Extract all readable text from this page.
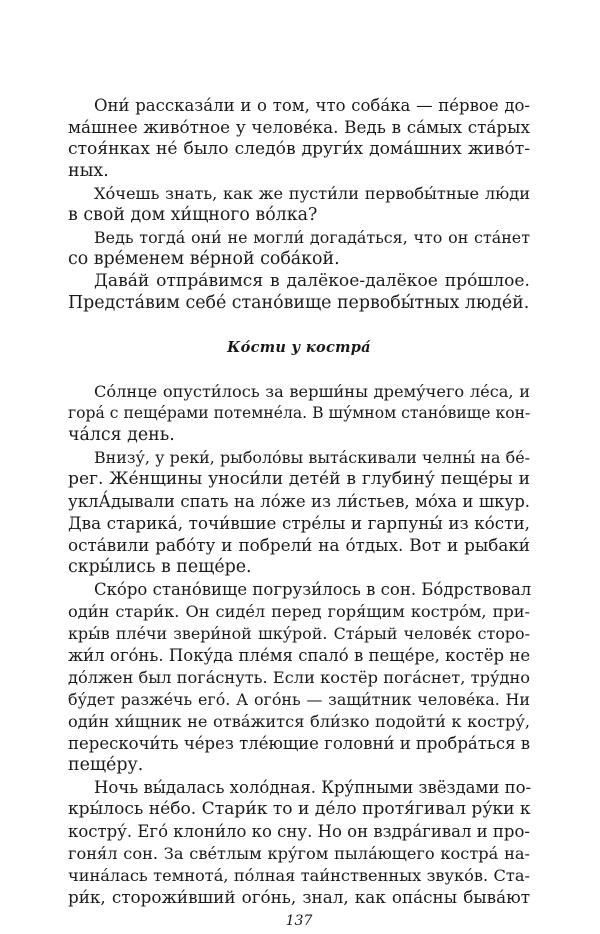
Они́ рассказа́ли и о том, что соба́ка — пе́рвое до-

ма́шнее живо́тное у челове́ка. Ведь в са́мых ста́рых

стоя́нках не́ было следо́в други́х дома́шних живо́т-

ных.

Хо́чешь знать, как же пусти́ли первобы́тные лю́ди

в свой дом хи́щного во́лка?

Ведь тогда́ они́ не могли́ догада́ться, что он ста́нет

со вре́менем ве́рной соба́кой.

Дава́й отпра́вимся в далёкое-далёкое про́шлое.

Предста́вим себе́ стано́вище первобы́тных люде́й.

Ко́сти у костра́

Со́лнце опусти́лось за верши́ны дрему́чего ле́са, и

гора́ с пеще́рами потемне́ла. В шу́мном стано́вище кон-

ча́лся день.

Внизу́, у реки́, рыболо́вы выта́скивали челны́ на бе́-

рег. Же́нщины уноси́ли дете́й в глубину́ пеще́ры и

уклА́дывали спать на ло́же из ли́стьев, мо́ха и шкур.

Два старика́, точи́вшие стре́лы и гарпуны́ из ко́сти,

оста́вили рабо́ту и побрели́ на о́тдых. Вот и рыбаки́

скры́лись в пеще́ре.

Ско́ро стано́вище погрузи́лось в сон. Бо́дрствовал

оди́н стари́к. Он сиде́л перед горя́щим костро́м, при-

кры́в пле́чи звери́ной шку́рой. Ста́рый челове́к сторо-

жи́л ого́нь. Поку́да пле́мя спало́ в пеще́ре, костёр не

до́лжен был пога́снуть. Если костёр пога́снет, тру́дно

бу́дет разже́чь его́. А ого́нь — защи́тник челове́ка. Ни

оди́н хи́щник не отва́жится бли́зко подойти́ к костру́,

перескочи́ть че́рез тле́ющие головни́ и пробра́ться в

пеще́ру.

Ночь вы́далась холо́дная. Кру́пными звёздами по-

кры́лось не́бо. Стари́к то и де́ло протя́гивал ру́ки к

костру́. Его́ клони́ло ко сну. Но он вздра́гивал и про-

гоня́л сон. За све́тлым кру́гом пыла́ющего костра́ на-

чина́лась темнота́, по́лная таи́нственных звуко́в. Ста-

ри́к, сторожи́вший ого́нь, знал, как опа́сны быва́ют

137
